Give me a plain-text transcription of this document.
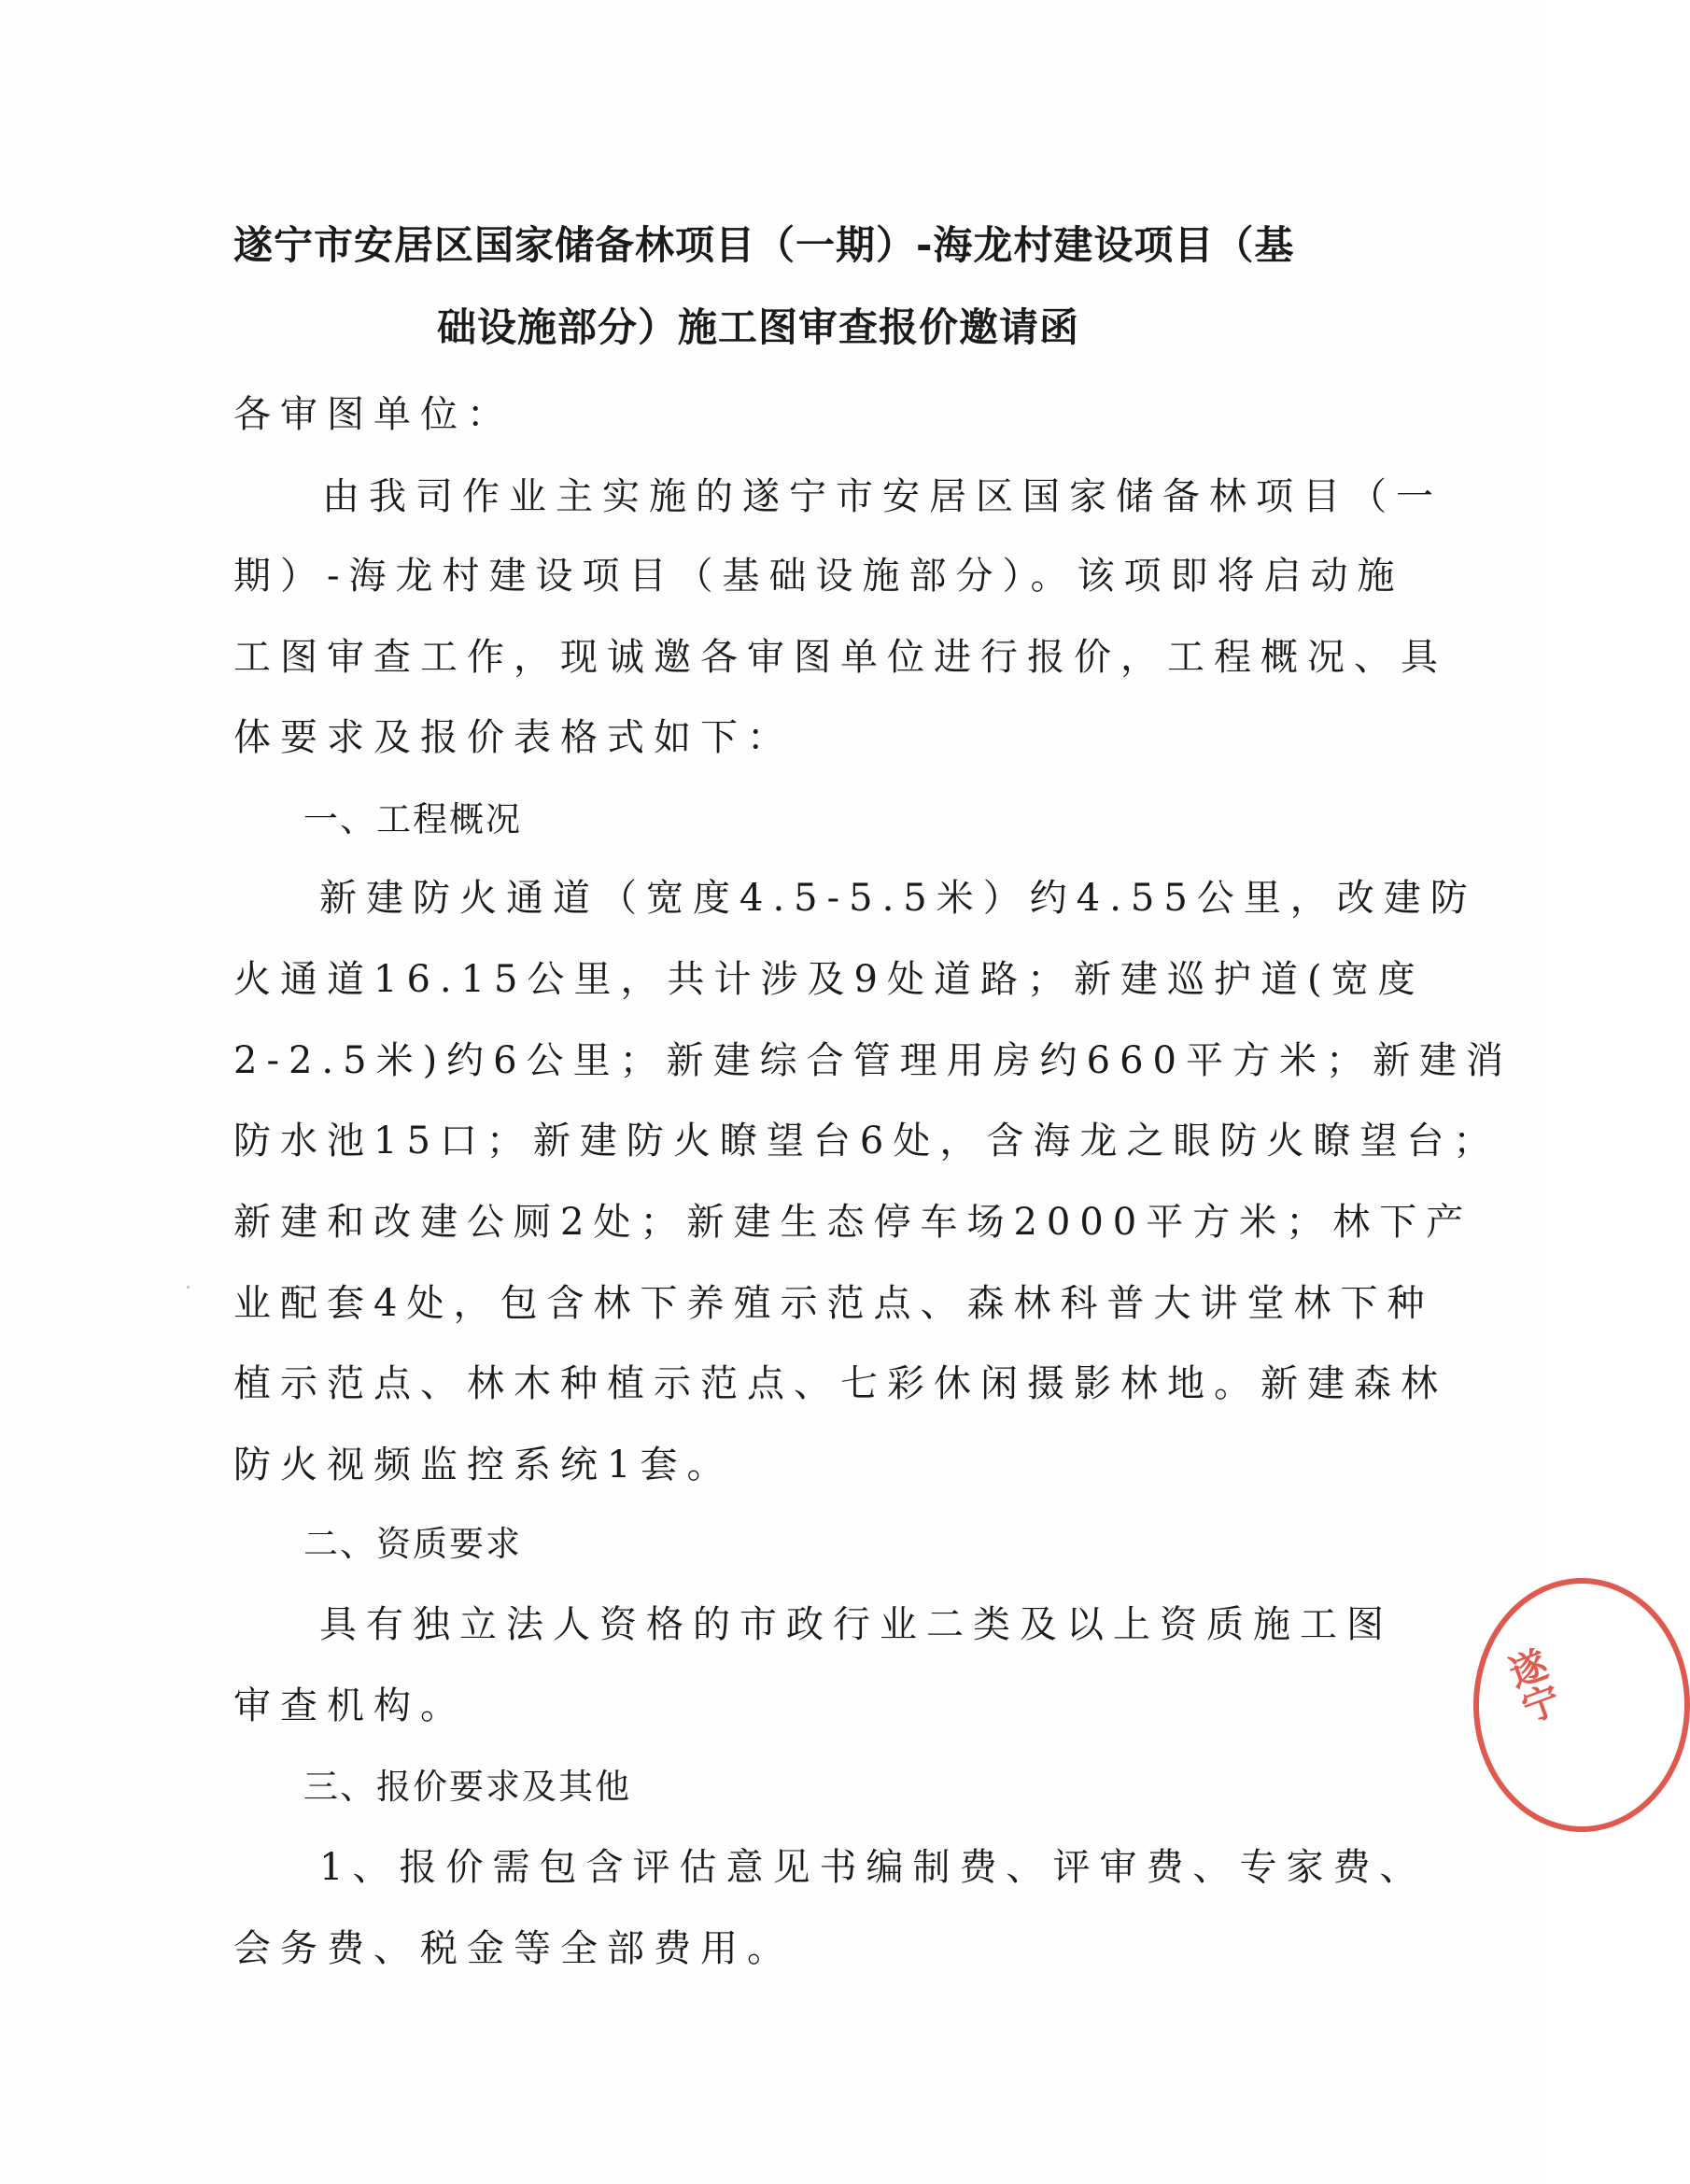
遂宁市安居区国家储备林项目（一期）-海龙村建设项目（基
础设施部分）施工图审查报价邀请函
各审图单位：
由我司作业主实施的遂宁市安居区国家储备林项目（一
期）-海龙村建设项目（基础设施部分）。该项即将启动施
工图审查工作，现诚邀各审图单位进行报价，工程概况、具
体要求及报价表格式如下：
一、工程概况
新建防火通道（宽度4.5-5.5米）约4.55公里，改建防
火通道16.15公里，共计涉及9处道路；新建巡护道(宽度
2-2.5米)约6公里；新建综合管理用房约660平方米；新建消
防水池15口；新建防火瞭望台6处，含海龙之眼防火瞭望台；
新建和改建公厕2处；新建生态停车场2000平方米；林下产
业配套4处，包含林下养殖示范点、森林科普大讲堂林下种
植示范点、林木种植示范点、七彩休闲摄影林地。新建森林
防火视频监控系统1套。
二、资质要求
具有独立法人资格的市政行业二类及以上资质施工图
审查机构。
三、报价要求及其他
1、报价需包含评估意见书编制费、评审费、专家费、
会务费、税金等全部费用。
遂宁
